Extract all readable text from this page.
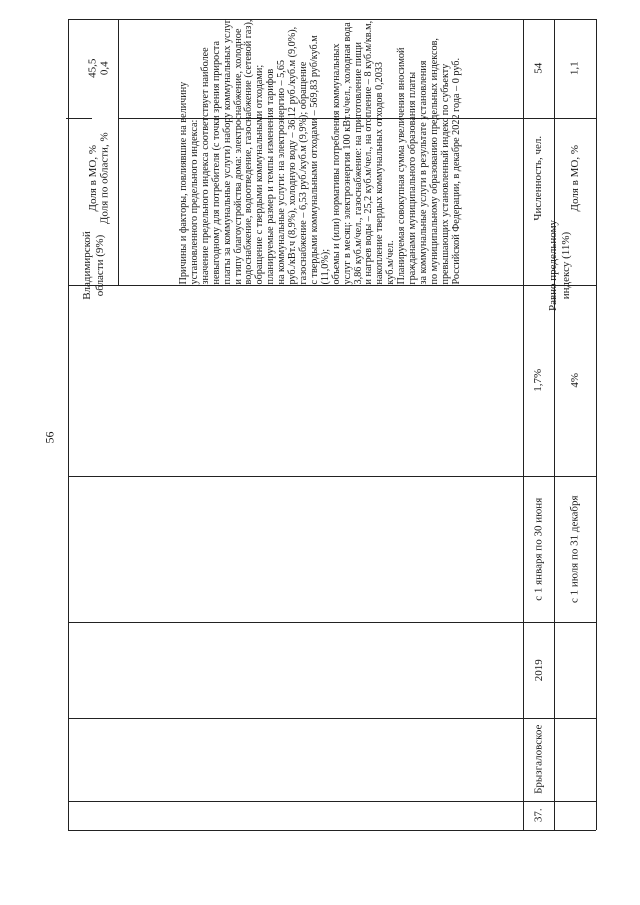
56
Владимирской
области (9%)
Доля в МО, %
45,5
Доля по области, %
0,4
Причины и факторы, повлиявшие на величину
установленного предельного индекса:
значение предельного индекса соответствует наиболее
невыгодному для потребителя (с точки зрения прироста
платы за коммунальные услуги) набору коммунальных услуг
и типу благоустройства дома: электроснабжение, холодное
водоснабжение, водоотведение, газоснабжение (сетевой газ),
обращение с твердыми коммунальными отходами;
планируемые размер и темпы изменения тарифов
на коммунальные услуги: на электроэнергию – 5,65
руб./кВт.ч (8,9%), холодную воду – 36,12 руб./куб.м (9,0%),
газоснабжение – 6,53 руб./куб.м (9,9%); обращение
с твердыми коммунальными отходами – 569,83 руб/куб.м
(11,0%);
объемы и (или) нормативы потребления коммунальных
услуг в месяц: электроэнергия 100 кВт.ч/чел., холодная вода
3,86 куб.м/чел., газоснабжение: на приготовление пищи
и нагрев воды – 25,2 куб.м/чел., на отопление – 8 куб.м/кв.м,
накопление твердых коммунальных отходов 0,2033
куб.м/чел.
Планируемая совокупная сумма увеличения вносимой
гражданами муниципального образования платы
за коммунальные услуги в результате установления
по муниципальному образованию предельных индексов,
превышающих установленный индекс по субъекту
Российской Федерации, в декабре 2022 года – 0 руб.
с 1 января по 30 июня с 1 июля по 31 декабря
1,7% 4%
2019
Брызгаловское
37.
Равно предельному
индексу (11%)
Численность, чел.
54
Доля в МО, %
1,1
